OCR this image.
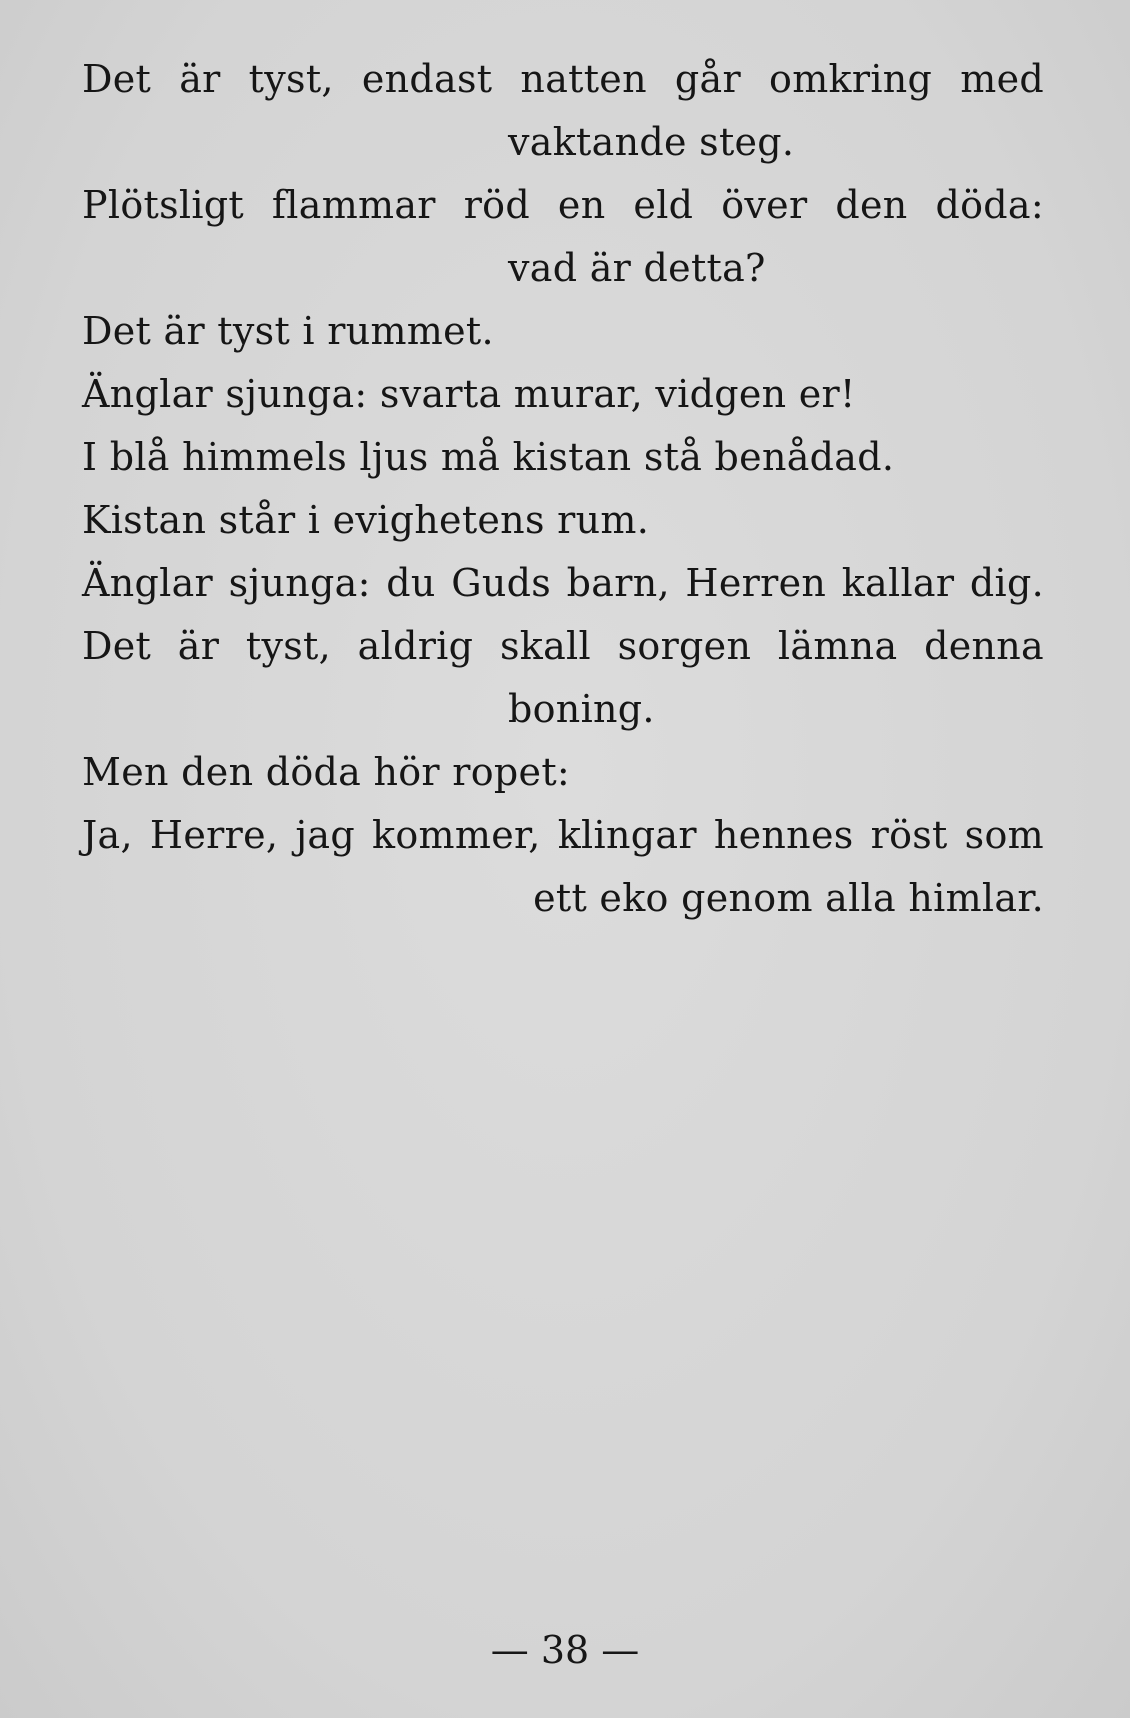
Det är tyst, endast natten går omkring med
vaktande steg.
Plötsligt flammar röd en eld över den döda:
vad är detta?
Det är tyst i rummet.
Änglar sjunga: svarta murar, vidgen er!
I blå himmels ljus må kistan stå benådad.
Kistan står i evighetens rum.
Änglar sjunga: du Guds barn, Herren kallar dig.
Det är tyst, aldrig skall sorgen lämna denna
boning.
Men den döda hör ropet:
Ja, Herre, jag kommer, klingar hennes röst som
ett eko genom alla himlar.
— 38 —
